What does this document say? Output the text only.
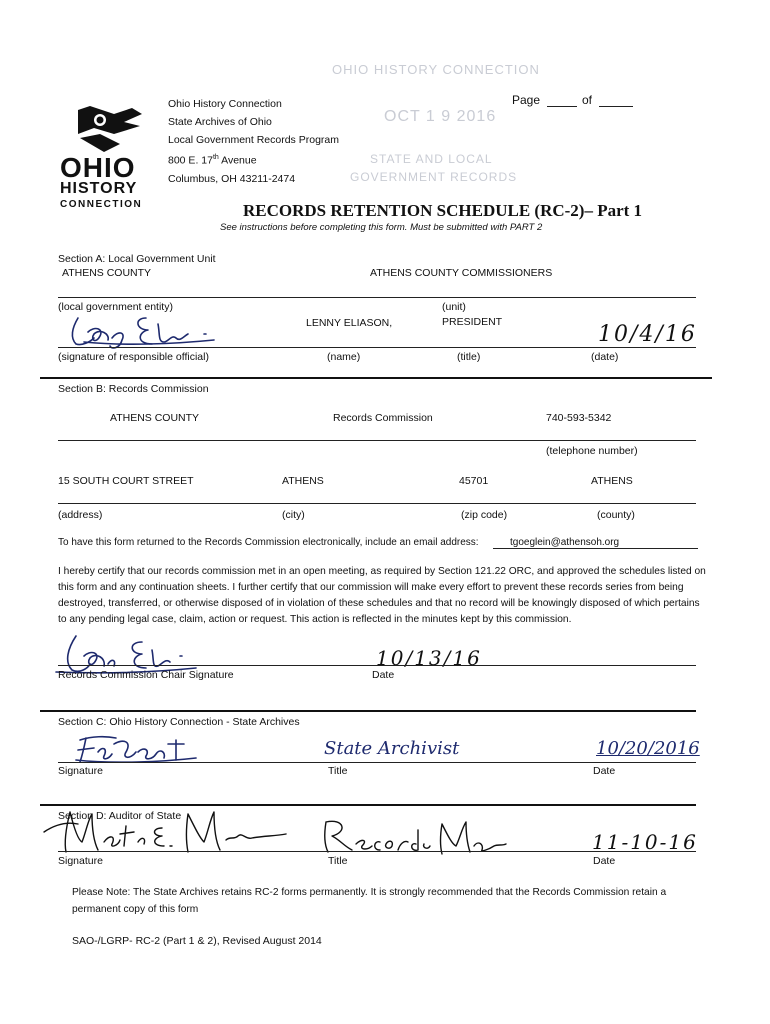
OHIO HISTORY CONNECTION
OCT 1 9 2016
STATE AND LOCAL
GOVERNMENT RECORDS
OHIO
HISTORY
CONNECTION
Ohio History Connection
State Archives of Ohio
Local Government Records Program
800 E. 17th Avenue
Columbus, OH 43211-2474
Page	of
RECORDS RETENTION SCHEDULE (RC-2)– Part 1
See instructions before completing this form. Must be submitted with PART 2
Section A: Local Government Unit
ATHENS COUNTY	ATHENS COUNTY COMMISSIONERS
(local government entity)	(unit)
LENNY ELIASON,	PRESIDENT	10/4/16
(signature of responsible official)	(name)	(title)	(date)
Section B: Records Commission
ATHENS COUNTY	Records Commission	740-593-5342
(telephone number)
15 SOUTH COURT STREET	ATHENS	45701	ATHENS
(address)	(city)	(zip code)	(county)
To have this form returned to the Records Commission electronically, include an email address:	tgoeglein@athensoh.org
I hereby certify that our records commission met in an open meeting, as required by Section 121.22 ORC, and approved the schedules listed on this form and any continuation sheets. I further certify that our commission will make every effort to prevent these records series from being destroyed, transferred, or otherwise disposed of in violation of these schedules and that no record will be knowingly disposed of which pertains to any pending legal case, claim, action or request. This action is reflected in the minutes kept by this commission.
10/13/16
Records Commission Chair Signature	Date
Section C: Ohio History Connection - State Archives
State Archivist	10/20/2016
Signature	Title	Date
Section D: Auditor of State
11-10-16
Signature	Title	Date
Please Note: The State Archives retains RC-2 forms permanently. It is strongly recommended that the Records Commission retain a permanent copy of this form
SAO-/LGRP- RC-2 (Part 1 & 2), Revised August 2014
